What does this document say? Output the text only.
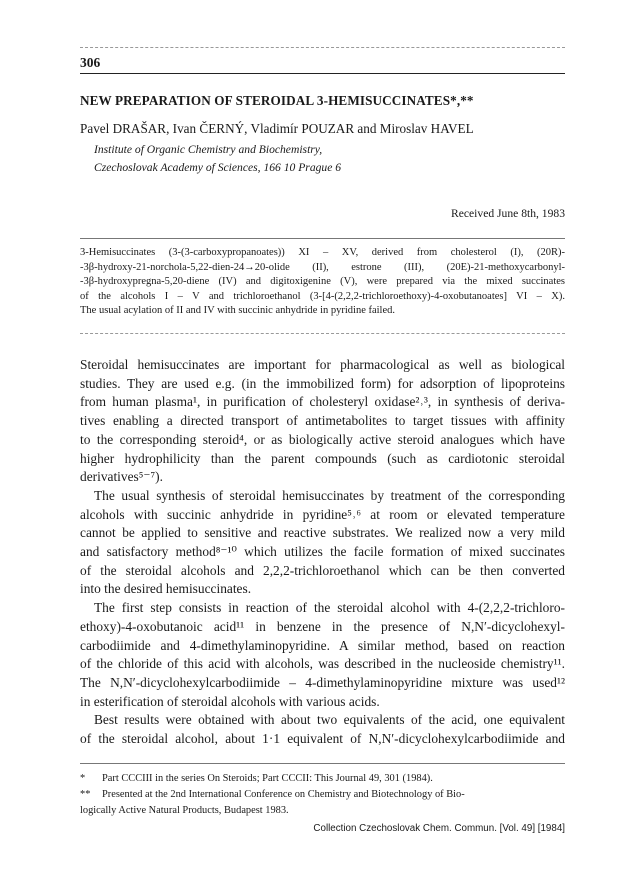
306
NEW PREPARATION OF STEROIDAL 3-HEMISUCCINATES*,**
Pavel DRAŠAR, Ivan ČERNÝ, Vladimír POUZAR and Miroslav HAVEL
Institute of Organic Chemistry and Biochemistry,
Czechoslovak Academy of Sciences, 166 10 Prague 6
Received June 8th, 1983
3-Hemisuccinates (3-(3-carboxypropanoates)) XI – XV, derived from cholesterol (I), (20R)-
-3β-hydroxy-21-norchola-5,22-dien-24→20-olide (II), estrone (III), (20E)-21-methoxycarbonyl-
-3β-hydroxypregna-5,20-diene (IV) and digitoxigenine (V), were prepared via the mixed succinates
of the alcohols I – V and trichloroethanol (3-[4-(2,2,2-trichloroethoxy)-4-oxobutanoates] VI – X).
The usual acylation of II and IV with succinic anhydride in pyridine failed.
Steroidal hemisuccinates are important for pharmacological as well as biological
studies. They are used e.g. (in the immobilized form) for adsorption of lipoproteins
from human plasma¹, in purification of cholesteryl oxidase²˒³, in synthesis of deriva-
tives enabling a directed transport of antimetabolites to target tissues with affinity
to the corresponding steroid⁴, or as biologically active steroid analogues which have
higher hydrophilicity than the parent compounds (such as cardiotonic steroidal
derivatives⁵⁻⁷).
The usual synthesis of steroidal hemisuccinates by treatment of the corresponding
alcohols with succinic anhydride in pyridine⁵˒⁶ at room or elevated temperature
cannot be applied to sensitive and reactive substrates. We realized now a very mild
and satisfactory method⁸⁻¹⁰ which utilizes the facile formation of mixed succinates
of the steroidal alcohols and 2,2,2-trichloroethanol which can be then converted
into the desired hemisuccinates.
The first step consists in reaction of the steroidal alcohol with 4-(2,2,2-trichloro-
ethoxy)-4-oxobutanoic acid¹¹ in benzene in the presence of N,N′-dicyclohexyl-
carbodiimide and 4-dimethylaminopyridine. A similar method, based on reaction
of the chloride of this acid with alcohols, was described in the nucleoside chemistry¹¹.
The N,N′-dicyclohexylcarbodiimide – 4-dimethylaminopyridine mixture was used¹²
in esterification of steroidal alcohols with various acids.
Best results were obtained with about two equivalents of the acid, one equivalent
of the steroidal alcohol, about 1·1 equivalent of N,N′-dicyclohexylcarbodiimide and
*	Part CCCIII in the series On Steroids; Part CCCII: This Journal 49, 301 (1984).
**	Presented at the 2nd International Conference on Chemistry and Biotechnology of Bio-
logically Active Natural Products, Budapest 1983.
Collection Czechoslovak Chem. Commun. [Vol. 49] [1984]
